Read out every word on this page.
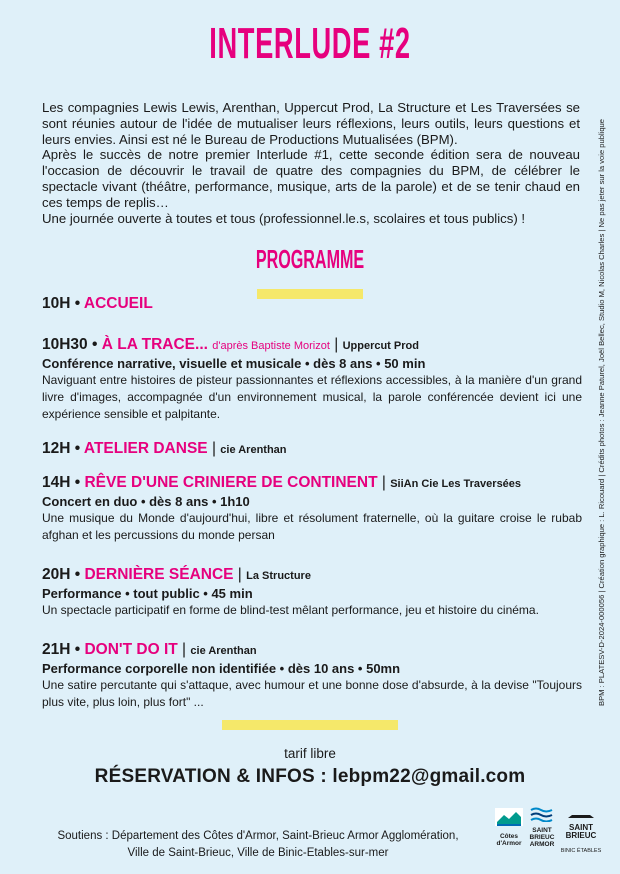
INTERLUDE #2

Les compagnies Lewis Lewis, Arenthan, Uppercut Prod, La Structure et Les Traversées se sont réunies autour de l'idée de mutualiser leurs réflexions, leurs outils, leurs questions et leurs envies. Ainsi est né le Bureau de Productions Mutualisées (BPM).

Après le succès de notre premier Interlude #1, cette seconde édition sera de nouveau l'occasion de découvrir le travail de quatre des compagnies du BPM, de célébrer le spectacle vivant (théâtre, performance, musique, arts de la parole) et de se tenir chaud en ces temps de replis…

Une journée ouverte à toutes et tous (professionnel.le.s, scolaires et tous publics) !

PROGRAMME
10H • ACCUEIL
10H30 • À LA TRACE... d'après Baptiste Morizot | Uppercut Prod
Conférence narrative, visuelle et musicale • dès 8 ans • 50 min
Naviguant entre histoires de pisteur passionnantes et réflexions accessibles, à la manière d'un grand livre d'images, accompagnée d'un environnement musical, la parole conférencée devient ici une expérience sensible et palpitante.
12H • ATELIER DANSE | cie Arenthan
14H • RÊVE D'UNE CRINIERE DE CONTINENT | SiiAn Cie Les Traversées
Concert en duo • dès 8 ans • 1h10
Une musique du Monde d'aujourd'hui, libre et résolument fraternelle, où la guitare croise le rubab afghan et les percussions du monde persan
20H • DERNIÈRE SÉANCE | La Structure
Performance • tout public • 45 min
Un spectacle participatif en forme de blind-test mêlant performance, jeu et histoire du cinéma.
21H • DON'T DO IT | cie Arenthan
Performance corporelle non identifiée • dès 10 ans • 50mn
Une satire percutante qui s'attaque, avec humour et une bonne dose d'absurde, à la devise "Toujours plus vite, plus loin, plus fort" ...
tarif libre
RÉSERVATION & INFOS : lebpm22@gmail.com
Soutiens : Département des Côtes d'Armor, Saint-Brieuc Armor Agglomération,
Ville de Saint-Brieuc, Ville de Binic-Etables-sur-mer
BPM : PLATESV-D-2024-000056 | Création graphique : L. Ricouard | Crédits photos : Jeanne Paturel, Joël Bellec, Studio M, Nicolas Charles | Ne pas jeter sur la voie publique
Côtes d'Armor
SAINT
BRIEUC
ARMOR
SAINT
BRIEUC
BINIC ÉTABLES
